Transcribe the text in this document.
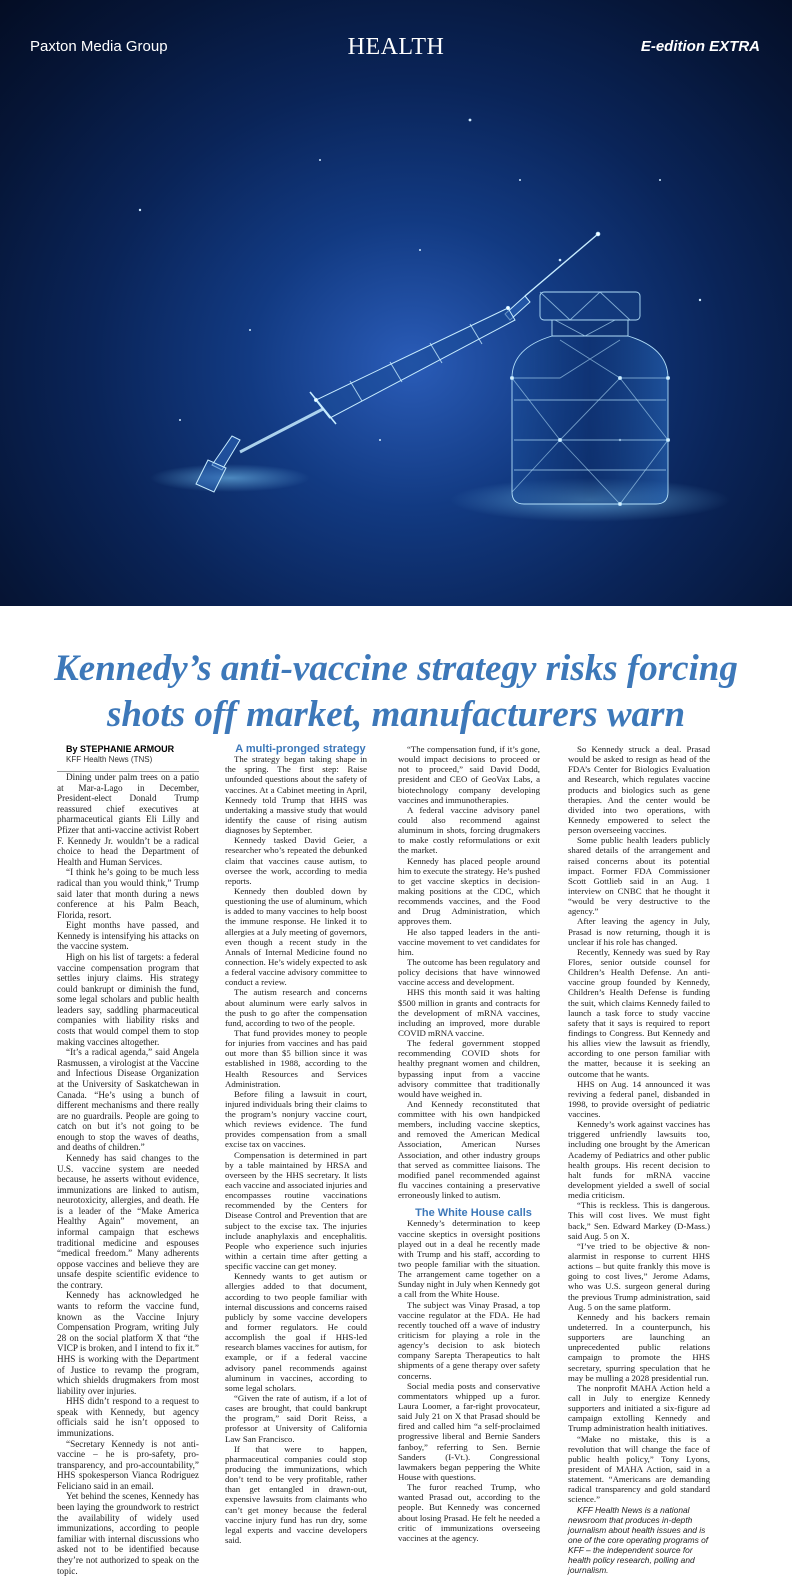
Paxton Media Group	HEALTH	E-edition EXTRA
Kennedy’s anti-vaccine strategy risks forcing shots off market, manufacturers warn

By STEPHANIE ARMOUR

KFF Health News (TNS)

Dining under palm trees on a patio at Mar-a-Lago in December, President-elect Donald Trump reassured chief executives at pharmaceutical giants Eli Lilly and Pfizer that anti-vaccine activist Robert F. Kennedy Jr. wouldn’t be a radical choice to head the Department of Health and Human Services.

“I think he’s going to be much less radical than you would think,” Trump said later that month during a news conference at his Palm Beach, Florida, resort.

Eight months have passed, and Kennedy is intensifying his attacks on the vaccine system.

High on his list of targets: a federal vaccine compensation program that settles injury claims. His strategy could bankrupt or diminish the fund, some legal scholars and public health leaders say, saddling pharmaceutical companies with liability risks and costs that would compel them to stop making vaccines altogether.

“It’s a radical agenda,” said Angela Rasmussen, a virologist at the Vaccine and Infectious Disease Organization at the University of Saskatchewan in Canada. “He’s using a bunch of different mechanisms and there really are no guardrails. People are going to catch on but it’s not going to be enough to stop the waves of deaths, and deaths of children.”

Kennedy has said changes to the U.S. vaccine system are needed because, he asserts without evidence, immunizations are linked to autism, neurotoxicity, allergies, and death. He is a leader of the “Make America Healthy Again” movement, an informal campaign that eschews traditional medicine and espouses “medical freedom.” Many adherents oppose vaccines and believe they are unsafe despite scientific evidence to the contrary.

Kennedy has acknowledged he wants to reform the vaccine fund, known as the Vaccine Injury Compensation Program, writing July 28 on the social platform X that “the VICP is broken, and I intend to fix it.” HHS is working with the Department of Justice to revamp the program, which shields drugmakers from most liability over injuries.

HHS didn’t respond to a request to speak with Kennedy, but agency officials said he isn’t opposed to immunizations.

“Secretary Kennedy is not anti-vaccine – he is pro-safety, pro-transparency, and pro-accountability,” HHS spokesperson Vianca Rodriguez Feliciano said in an email.

Yet behind the scenes, Kennedy has been laying the groundwork to restrict the availability of widely used immunizations, according to people familiar with internal discussions who asked not to be identified because they’re not authorized to speak on the topic.

A multi-pronged strategy

The strategy began taking shape in the spring. The first step: Raise unfounded questions about the safety of vaccines. At a Cabinet meeting in April, Kennedy told Trump that HHS was undertaking a massive study that would identify the cause of rising autism diagnoses by September.

Kennedy tasked David Geier, a researcher who’s repeated the debunked claim that vaccines cause autism, to oversee the work, according to media reports.

Kennedy then doubled down by questioning the use of aluminum, which is added to many vaccines to help boost the immune response. He linked it to allergies at a July meeting of governors, even though a recent study in the Annals of Internal Medicine found no connection. He’s widely expected to ask a federal vaccine advisory committee to conduct a review.

The autism research and concerns about aluminum were early salvos in the push to go after the compensation fund, according to two of the people.

That fund provides money to people for injuries from vaccines and has paid out more than $5 billion since it was established in 1988, according to the Health Resources and Services Administration.

Before filing a lawsuit in court, injured individuals bring their claims to the program’s nonjury vaccine court, which reviews evidence. The fund provides compensation from a small excise tax on vaccines.

Compensation is determined in part by a table maintained by HRSA and overseen by the HHS secretary. It lists each vaccine and associated injuries and encompasses routine vaccinations recommended by the Centers for Disease Control and Prevention that are subject to the excise tax. The injuries include anaphylaxis and encephalitis. People who experience such injuries within a certain time after getting a specific vaccine can get money.

Kennedy wants to get autism or allergies added to that document, according to two people familiar with internal discussions and concerns raised publicly by some vaccine developers and former regulators. He could accomplish the goal if HHS-led research blames vaccines for autism, for example, or if a federal vaccine advisory panel recommends against aluminum in vaccines, according to some legal scholars.

“Given the rate of autism, if a lot of cases are brought, that could bankrupt the program,” said Dorit Reiss, a professor at University of California Law San Francisco.

If that were to happen, pharmaceutical companies could stop producing the immunizations, which don’t tend to be very profitable, rather than get entangled in drawn-out, expensive lawsuits from claimants who can’t get money because the federal vaccine injury fund has run dry, some legal experts and vaccine developers said.

“The compensation fund, if it’s gone, would impact decisions to proceed or not to proceed,” said David Dodd, president and CEO of GeoVax Labs, a biotechnology company developing vaccines and immunotherapies.

A federal vaccine advisory panel could also recommend against aluminum in shots, forcing drugmakers to make costly reformulations or exit the market.

Kennedy has placed people around him to execute the strategy. He’s pushed to get vaccine skeptics in decision-making positions at the CDC, which recommends vaccines, and the Food and Drug Administration, which approves them.

He also tapped leaders in the anti-vaccine movement to vet candidates for him.

The outcome has been regulatory and policy decisions that have winnowed vaccine access and development.

HHS this month said it was halting $500 million in grants and contracts for the development of mRNA vaccines, including an improved, more durable COVID mRNA vaccine.

The federal government stopped recommending COVID shots for healthy pregnant women and children, bypassing input from a vaccine advisory committee that traditionally would have weighed in.

And Kennedy reconstituted that committee with his own handpicked members, including vaccine skeptics, and removed the American Medical Association, American Nurses Association, and other industry groups that served as committee liaisons. The modified panel recommended against flu vaccines containing a preservative erroneously linked to autism.

The White House calls

Kennedy’s determination to keep vaccine skeptics in oversight positions played out in a deal he recently made with Trump and his staff, according to two people familiar with the situation. The arrangement came together on a Sunday night in July when Kennedy got a call from the White House.

The subject was Vinay Prasad, a top vaccine regulator at the FDA. He had recently touched off a wave of industry criticism for playing a role in the agency’s decision to ask biotech company Sarepta Therapeutics to halt shipments of a gene therapy over safety concerns.

Social media posts and conservative commentators whipped up a furor. Laura Loomer, a far-right provocateur, said July 21 on X that Prasad should be fired and called him “a self-proclaimed progressive liberal and Bernie Sanders fanboy,” referring to Sen. Bernie Sanders (I-Vt.). Congressional lawmakers began peppering the White House with questions.

The furor reached Trump, who wanted Prasad out, according to the people. But Kennedy was concerned about losing Prasad. He felt he needed a critic of immunizations overseeing vaccines at the agency.

So Kennedy struck a deal. Prasad would be asked to resign as head of the FDA’s Center for Biologics Evaluation and Research, which regulates vaccine products and biologics such as gene therapies. And the center would be divided into two operations, with Kennedy empowered to select the person overseeing vaccines.

Some public health leaders publicly shared details of the arrangement and raised concerns about its potential impact. Former FDA Commissioner Scott Gottlieb said in an Aug. 1 interview on CNBC that he thought it “would be very destructive to the agency.”

After leaving the agency in July, Prasad is now returning, though it is unclear if his role has changed.

Recently, Kennedy was sued by Ray Flores, senior outside counsel for Children’s Health Defense. An anti-vaccine group founded by Kennedy, Children’s Health Defense is funding the suit, which claims Kennedy failed to launch a task force to study vaccine safety that it says is required to report findings to Congress. But Kennedy and his allies view the lawsuit as friendly, according to one person familiar with the matter, because it is seeking an outcome that he wants.

HHS on Aug. 14 announced it was reviving a federal panel, disbanded in 1998, to provide oversight of pediatric vaccines.

Kennedy’s work against vaccines has triggered unfriendly lawsuits too, including one brought by the American Academy of Pediatrics and other public health groups. His recent decision to halt funds for mRNA vaccine development yielded a swell of social media criticism.

“This is reckless. This is dangerous. This will cost lives. We must fight back,” Sen. Edward Markey (D-Mass.) said Aug. 5 on X.

“I’ve tried to be objective & non-alarmist in response to current HHS actions – but quite frankly this move is going to cost lives,” Jerome Adams, who was U.S. surgeon general during the previous Trump administration, said Aug. 5 on the same platform.

Kennedy and his backers remain undeterred. In a counterpunch, his supporters are launching an unprecedented public relations campaign to promote the HHS secretary, spurring speculation that he may be mulling a 2028 presidential run.

The nonprofit MAHA Action held a call in July to energize Kennedy supporters and initiated a six-figure ad campaign extolling Kennedy and Trump administration health initiatives.

“Make no mistake, this is a revolution that will change the face of public health policy,” Tony Lyons, president of MAHA Action, said in a statement. “Americans are demanding radical transparency and gold standard science.”

KFF Health News is a national newsroom that produces in-depth journalism about health issues and is one of the core operating programs of KFF – the independent source for health policy research, polling and journalism.
